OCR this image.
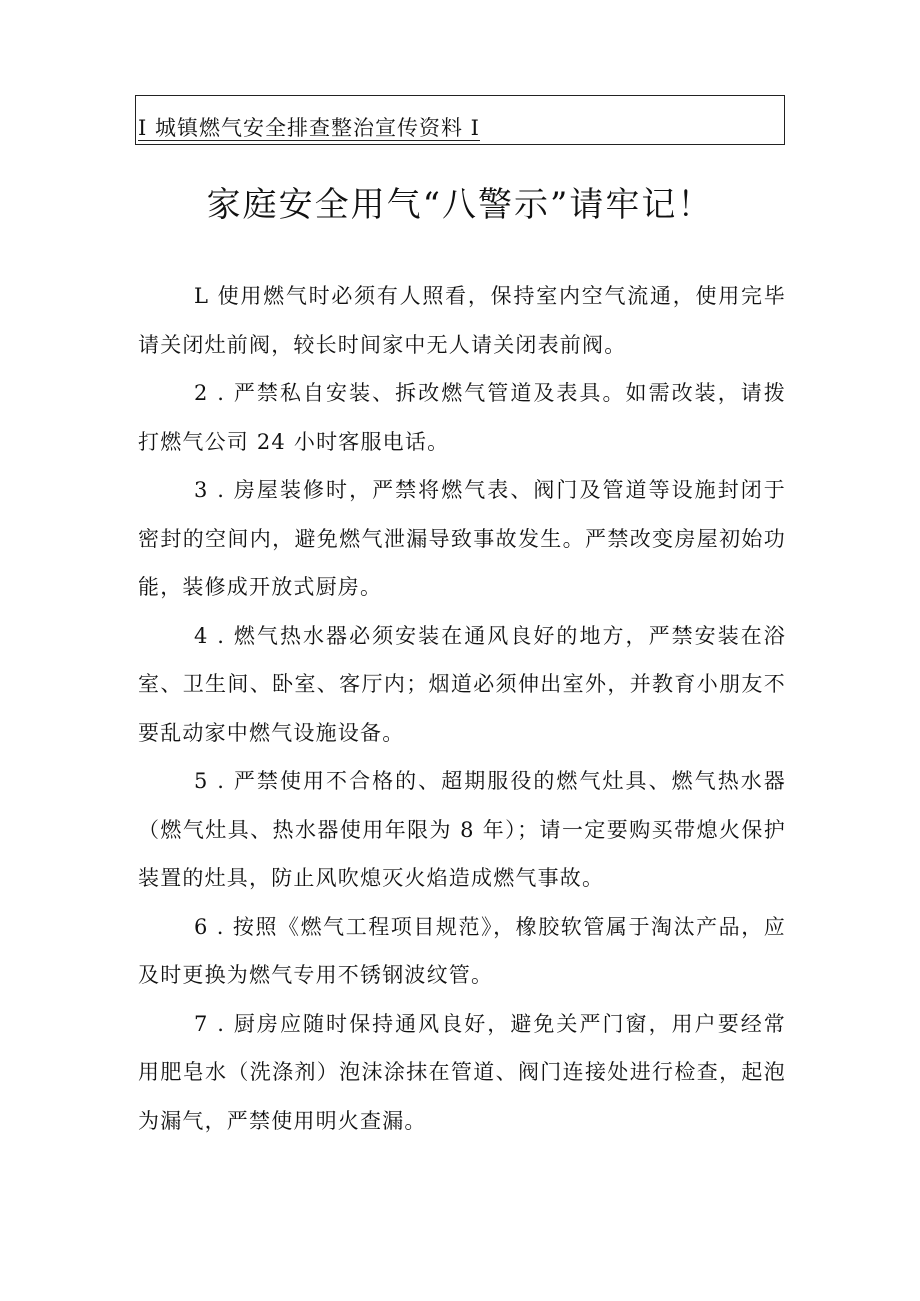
I 城镇燃气安全排查整治宣传资料 I
家庭安全用气“八警示”请牢记！

L 使用燃气时必须有人照看，保持室内空气流通，使用完毕请关闭灶前阀，较长时间家中无人请关闭表前阀。

2 . 严禁私自安装、拆改燃气管道及表具。如需改装，请拨打燃气公司 24 小时客服电话。

3 . 房屋装修时，严禁将燃气表、阀门及管道等设施封闭于密封的空间内，避免燃气泄漏导致事故发生。严禁改变房屋初始功能，装修成开放式厨房。

4 . 燃气热水器必须安装在通风良好的地方，严禁安装在浴室、卫生间、卧室、客厅内；烟道必须伸出室外，并教育小朋友不要乱动家中燃气设施设备。

5 . 严禁使用不合格的、超期服役的燃气灶具、燃气热水器（燃气灶具、热水器使用年限为 8 年）；请一定要购买带熄火保护装置的灶具，防止风吹熄灭火焰造成燃气事故。

6 . 按照《燃气工程项目规范》，橡胶软管属于淘汰产品，应及时更换为燃气专用不锈钢波纹管。

7 . 厨房应随时保持通风良好，避免关严门窗，用户要经常用肥皂水（洗涤剂）泡沫涂抹在管道、阀门连接处进行检查，起泡为漏气，严禁使用明火查漏。
